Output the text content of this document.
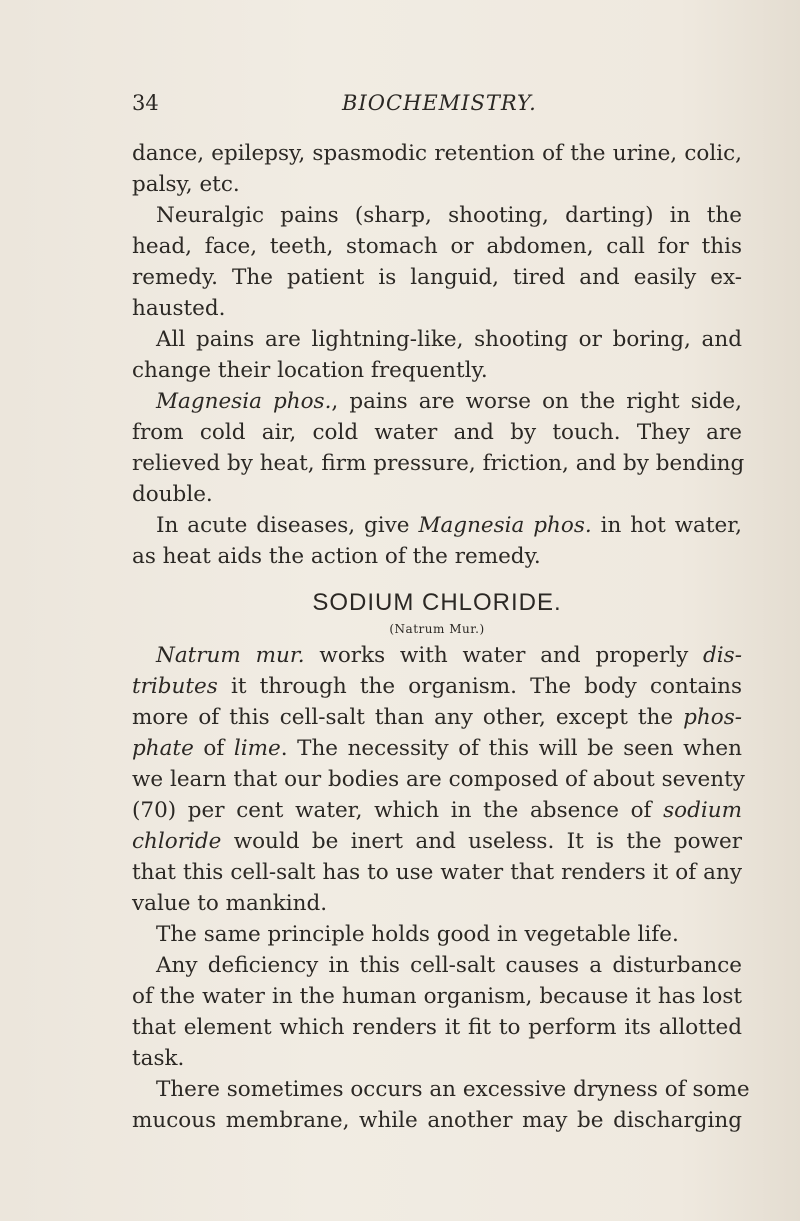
34	BIOCHEMISTRY.
dance, epilepsy, spasmodic retention of the urine, colic,
palsy, etc.
Neuralgic pains (sharp, shooting, darting) in the
head, face, teeth, stomach or abdomen, call for this
remedy. The patient is languid, tired and easily ex-
hausted.
All pains are lightning-like, shooting or boring, and
change their location frequently.
Magnesia phos., pains are worse on the right side,
from cold air, cold water and by touch. They are
relieved by heat, firm pressure, friction, and by bending
double.
In acute diseases, give Magnesia phos. in hot water,
as heat aids the action of the remedy.
SODIUM CHLORIDE.
(Natrum Mur.)
Natrum mur. works with water and properly dis-
tributes it through the organism. The body contains
more of this cell-salt than any other, except the phos-
phate of lime. The necessity of this will be seen when
we learn that our bodies are composed of about seventy
(70) per cent water, which in the absence of sodium
chloride would be inert and useless. It is the power
that this cell-salt has to use water that renders it of any
value to mankind.
The same principle holds good in vegetable life.
Any deficiency in this cell-salt causes a disturbance
of the water in the human organism, because it has lost
that element which renders it fit to perform its allotted
task.
There sometimes occurs an excessive dryness of some
mucous membrane, while another may be discharging
